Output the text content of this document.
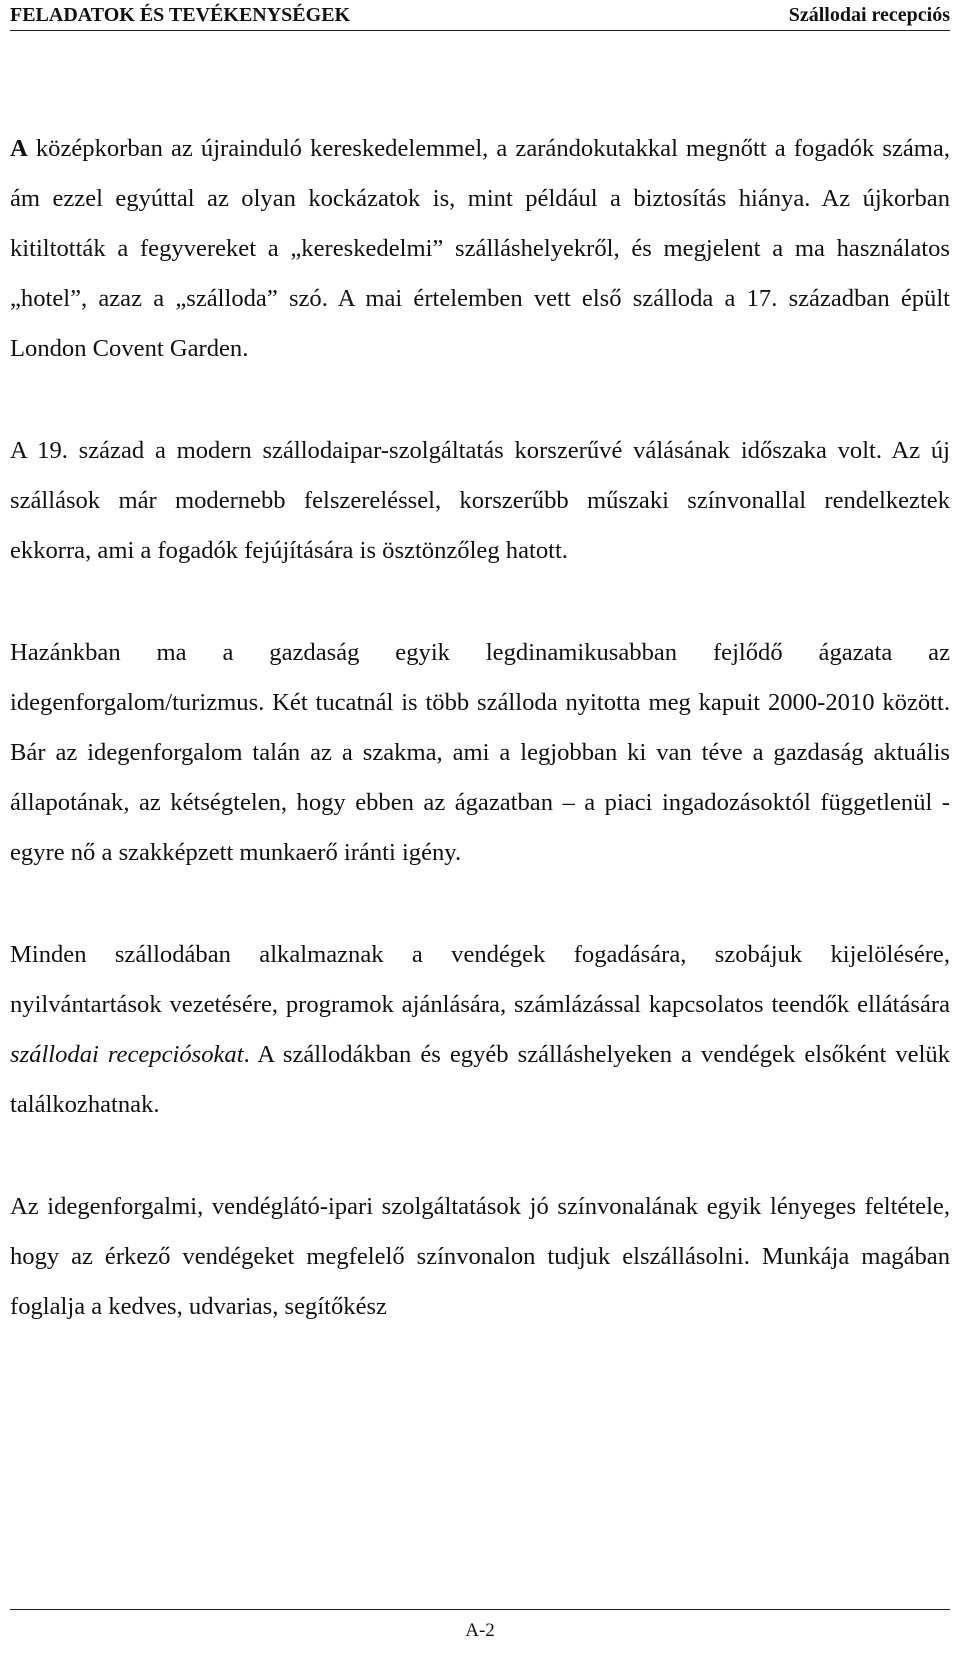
FELADATOK ÉS TEVÉKENYSÉGEK	Szállodai recepciós

A középkorban az újrainduló kereskedelemmel, a zarándokutakkal megnőtt a fogadók száma, ám ezzel egyúttal az olyan kockázatok is, mint például a biztosítás hiánya. Az újkorban kitiltották a fegyvereket a „kereskedelmi” szálláshelyekről, és megjelent a ma használatos „hotel”, azaz a „szálloda” szó. A mai értelemben vett első szálloda a 17. században épült London Covent Garden.

A 19. század a modern szállodaipar-szolgáltatás korszerűvé válásának időszaka volt. Az új szállások már modernebb felszereléssel, korszerűbb műszaki színvonallal rendelkeztek ekkorra, ami a fogadók fejújítására is ösztönzőleg hatott.

Hazánkban ma a gazdaság egyik legdinamikusabban fejlődő ágazata az idegenforgalom/turizmus. Két tucatnál is több szálloda nyitotta meg kapuit 2000-2010 között. Bár az idegenforgalom talán az a szakma, ami a legjobban ki van téve a gazdaság aktuális állapotának, az kétségtelen, hogy ebben az ágazatban – a piaci ingadozásoktól függetlenül - egyre nő a szakképzett munkaerő iránti igény.

Minden szállodában alkalmaznak a vendégek fogadására, szobájuk kijelölésére, nyilvántartások vezetésére, programok ajánlására, számlázással kapcsolatos teendők ellátására szállodai recepciósokat. A szállodákban és egyéb szálláshelyeken a vendégek elsőként velük találkozhatnak.

Az idegenforgalmi, vendéglátó-ipari szolgáltatások jó színvonalának egyik lényeges feltétele, hogy az érkező vendégeket megfelelő színvonalon tudjuk elszállásolni. Munkája magában foglalja a kedves, udvarias, segítőkész

A-2
